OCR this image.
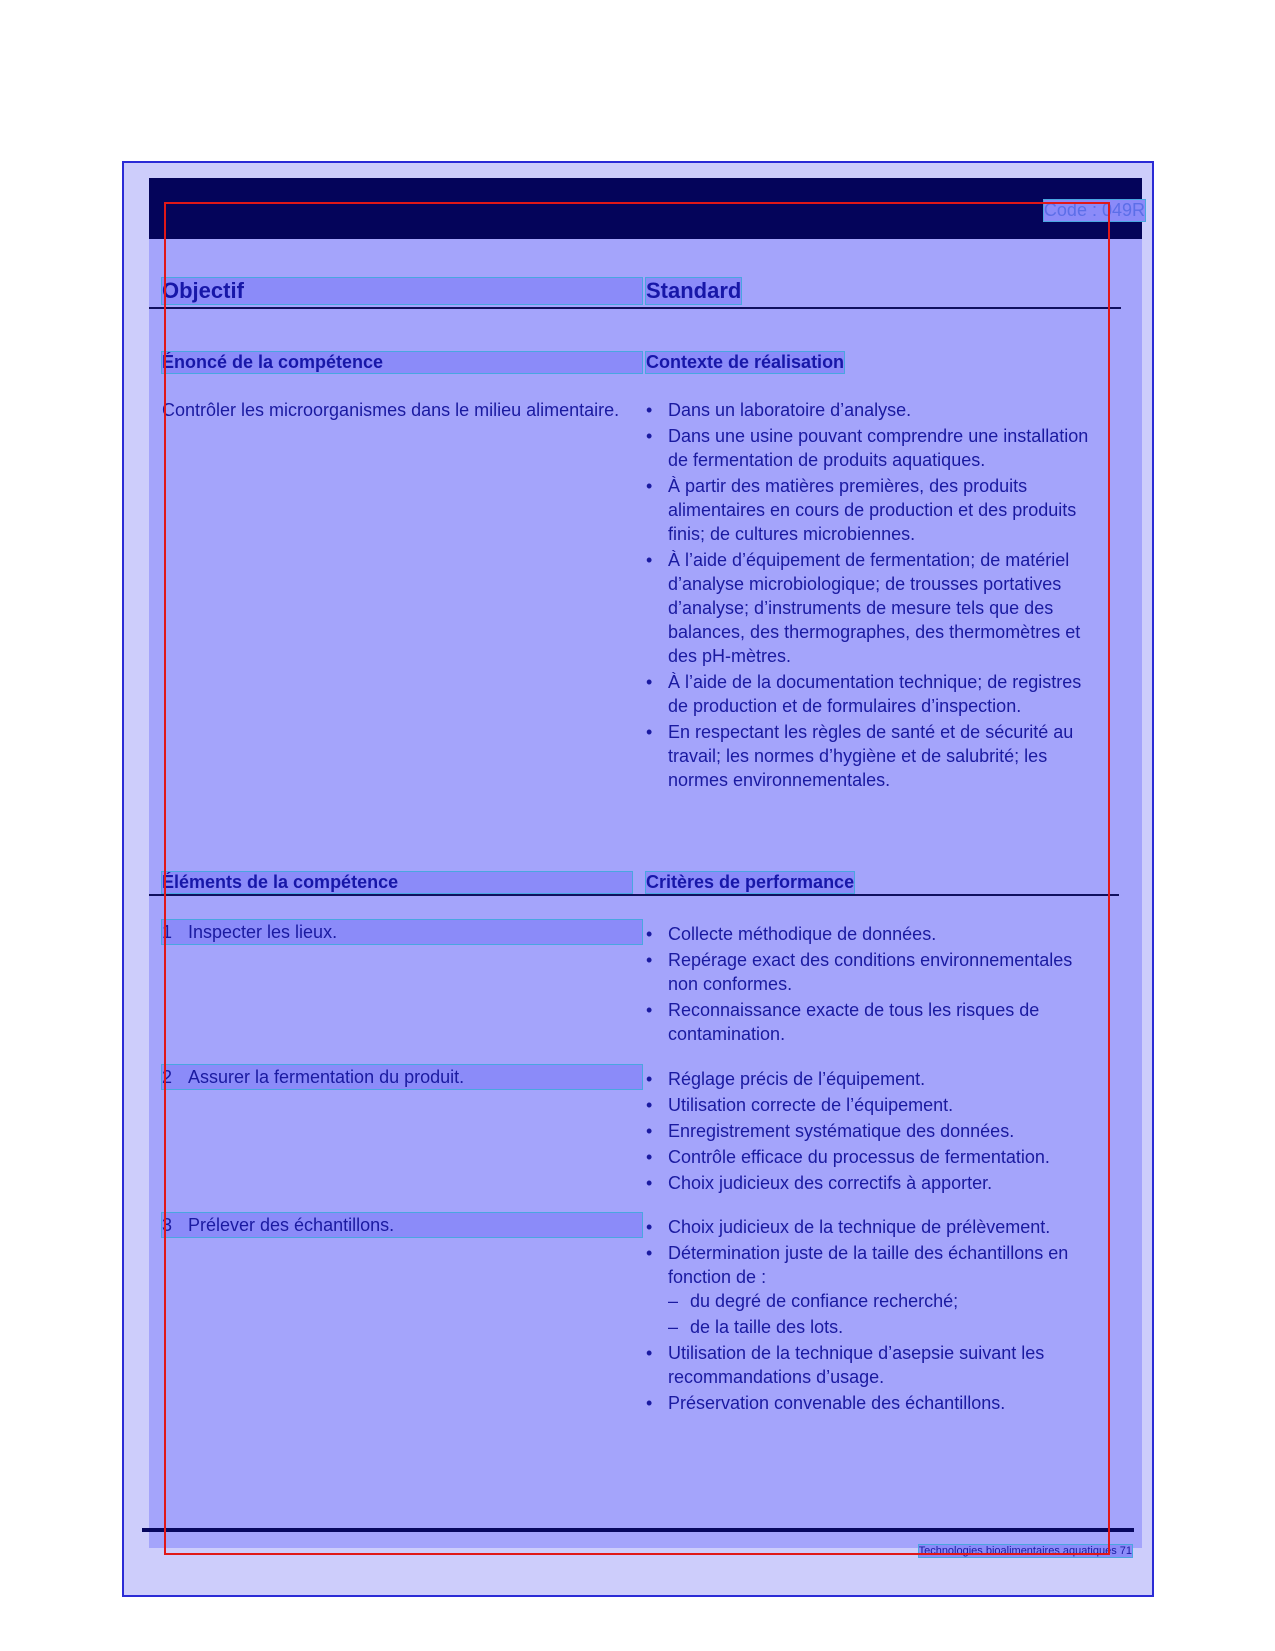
Code : 049R
Objectif	Standard
Énoncé de la compétence	Contexte de réalisation
Contrôler les microorganismes dans le milieu alimentaire.	• Dans un laboratoire d’analyse.
• Dans une usine pouvant comprendre une installation de fermentation de produits aquatiques.
• À partir des matières premières, des produits alimentaires en cours de production et des produits finis; de cultures microbiennes.
• À l’aide d’équipement de fermentation; de matériel d’analyse microbiologique; de trousses portatives d’analyse; d’instruments de mesure tels que des balances, des thermographes, des thermomètres et des pH-mètres.
• À l’aide de la documentation technique; de registres de production et de formulaires d’inspection.
• En respectant les règles de santé et de sécurité au travail; les normes d’hygiène et de salubrité; les normes environnementales.
Éléments de la compétence	Critères de performance
1 Inspecter les lieux.	• Collecte méthodique de données.
• Repérage exact des conditions environnementales non conformes.
• Reconnaissance exacte de tous les risques de contamination.
2 Assurer la fermentation du produit.	• Réglage précis de l’équipement.
• Utilisation correcte de l’équipement.
• Enregistrement systématique des données.
• Contrôle efficace du processus de fermentation.
• Choix judicieux des correctifs à apporter.
3 Prélever des échantillons.	• Choix judicieux de la technique de prélèvement.
• Détermination juste de la taille des échantillons en fonction de :
– du degré de confiance recherché;
– de la taille des lots.
• Utilisation de la technique d’asepsie suivant les recommandations d’usage.
• Préservation convenable des échantillons.
Technologies bioalimentaires aquatiques 71
